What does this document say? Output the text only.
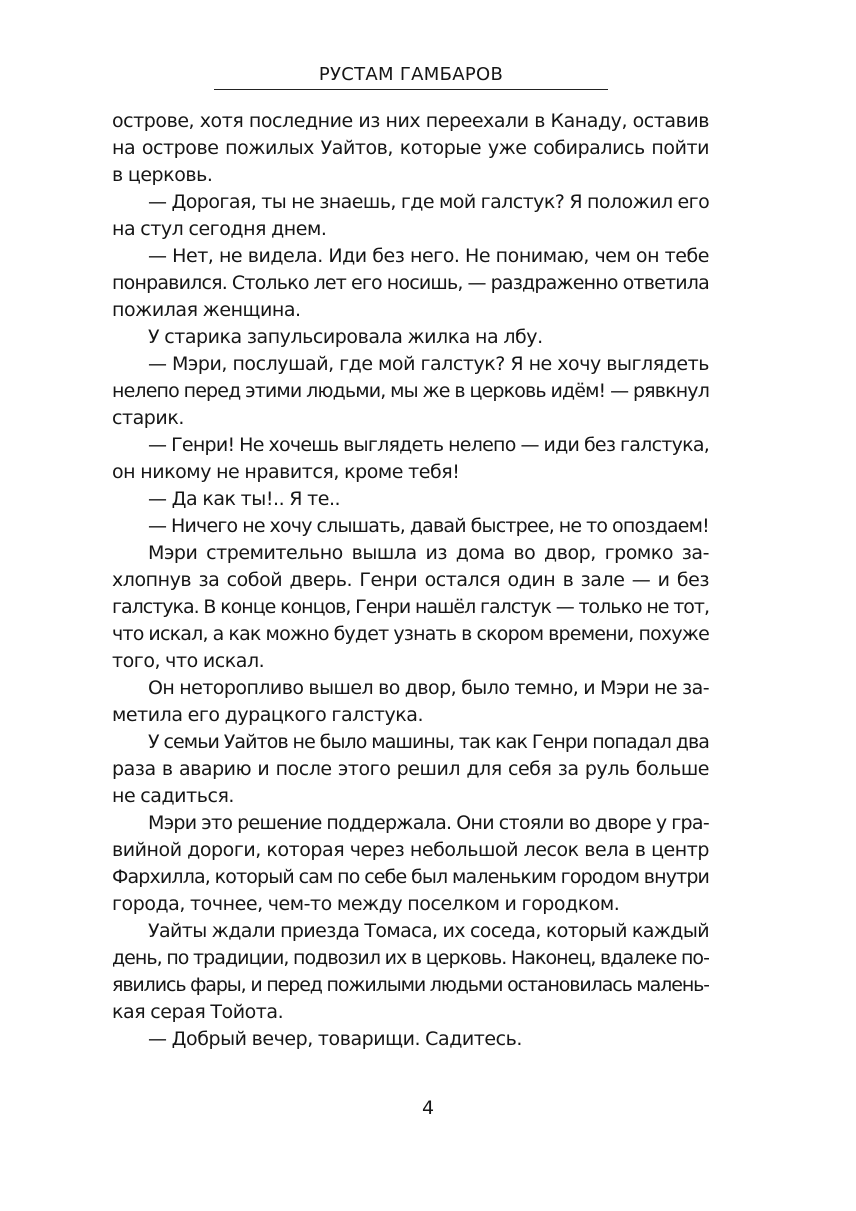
РУСТАМ ГАМБАРОВ
острове, хотя последние из них переехали в Канаду, оставив
на острове пожилых Уайтов, которые уже собирались пойти
в церковь.
— Дорогая, ты не знаешь, где мой галстук? Я положил его
на стул сегодня днем.
— Нет, не видела. Иди без него. Не понимаю, чем он тебе
понравился. Столько лет его носишь, — раздраженно ответила
пожилая женщина.
У старика запульсировала жилка на лбу.
— Мэри, послушай, где мой галстук? Я не хочу выглядеть
нелепо перед этими людьми, мы же в церковь идём! — рявкнул
старик.
— Генри! Не хочешь выглядеть нелепо — иди без галстука,
он никому не нравится, кроме тебя!
— Да как ты!.. Я те..
— Ничего не хочу слышать, давай быстрее, не то опоздаем!
Мэри стремительно вышла из дома во двор, громко за-
хлопнув за собой дверь. Генри остался один в зале — и без
галстука. В конце концов, Генри нашёл галстук — только не тот,
что искал, а как можно будет узнать в скором времени, похуже
того, что искал.
Он неторопливо вышел во двор, было темно, и Мэри не за-
метила его дурацкого галстука.
У семьи Уайтов не было машины, так как Генри попадал два
раза в аварию и после этого решил для себя за руль больше
не садиться.
Мэри это решение поддержала. Они стояли во дворе у гра-
вийной дороги, которая через небольшой лесок вела в центр
Фархилла, который сам по себе был маленьким городом внутри
города, точнее, чем-то между поселком и городком.
Уайты ждали приезда Томаса, их соседа, который каждый
день, по традиции, подвозил их в церковь. Наконец, вдалеке по-
явились фары, и перед пожилыми людьми остановилась малень-
кая серая Тойота.
— Добрый вечер, товарищи. Садитесь.
4
